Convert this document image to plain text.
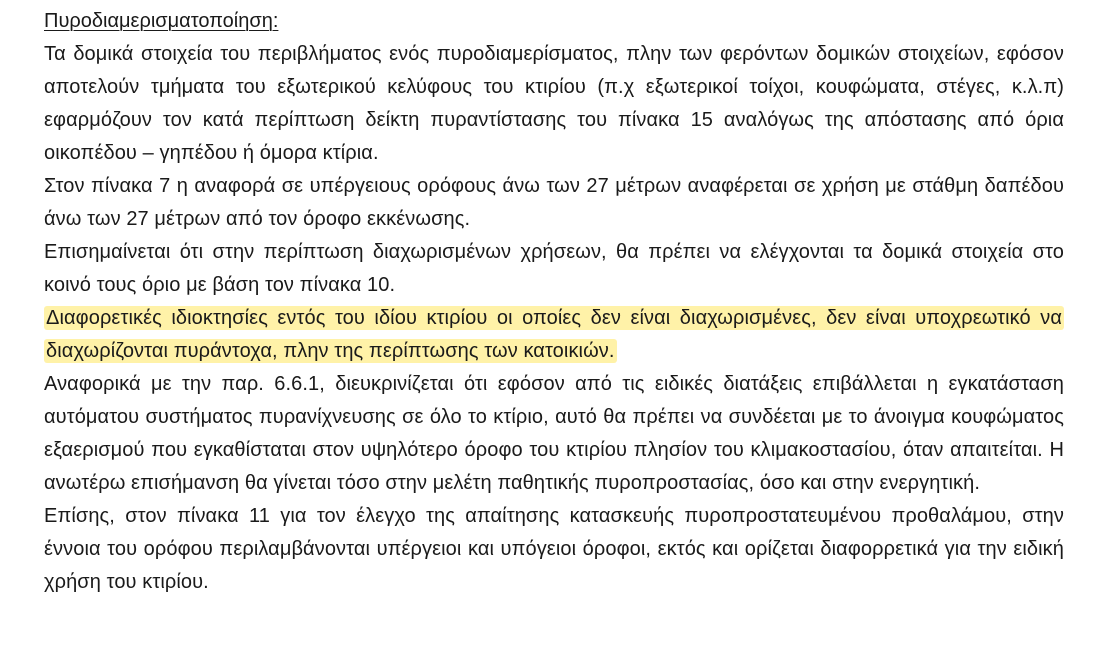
Πυροδιαμερισματοποίηση:

Τα δομικά στοιχεία του περιβλήματος ενός πυροδιαμερίσματος, πλην των φερόντων δομικών στοιχείων, εφόσον αποτελούν τμήματα του εξωτερικού κελύφους του κτιρίου (π.χ εξωτερικοί τοίχοι, κουφώματα, στέγες, κ.λ.π) εφαρμόζουν τον κατά περίπτωση δείκτη πυραντίστασης του πίνακα 15 αναλόγως της απόστασης από όρια οικοπέδου – γηπέδου ή όμορα κτίρια.

Στον πίνακα 7 η αναφορά σε υπέργειους ορόφους άνω των 27 μέτρων αναφέρεται σε χρήση με στάθμη δαπέδου άνω των 27 μέτρων από τον όροφο εκκένωσης.

Επισημαίνεται ότι στην περίπτωση διαχωρισμένων χρήσεων, θα πρέπει να ελέγχονται τα δομικά στοιχεία στο κοινό τους όριο με βάση τον πίνακα 10.

Διαφορετικές ιδιοκτησίες εντός του ιδίου κτιρίου οι οποίες δεν είναι διαχωρισμένες, δεν είναι υποχρεωτικό να διαχωρίζονται πυράντοχα, πλην της περίπτωσης των κατοικιών.

Αναφορικά με την παρ. 6.6.1, διευκρινίζεται ότι εφόσον από τις ειδικές διατάξεις επιβάλλεται η εγκατάσταση αυτόματου συστήματος πυρανίχνευσης σε όλο το κτίριο, αυτό θα πρέπει να συνδέεται με το άνοιγμα κουφώματος εξαερισμού που εγκαθίσταται στον υψηλότερο όροφο του κτιρίου πλησίον του κλιμακοστασίου, όταν απαιτείται. Η ανωτέρω επισήμανση θα γίνεται τόσο στην μελέτη παθητικής πυροπροστασίας, όσο και στην ενεργητική.

Επίσης, στον πίνακα 11 για τον έλεγχο της απαίτησης κατασκευής πυροπροστατευμένου προθαλάμου, στην έννοια του ορόφου περιλαμβάνονται υπέργειοι και υπόγειοι όροφοι, εκτός και ορίζεται διαφορρετικά για την ειδική χρήση του κτιρίου.
